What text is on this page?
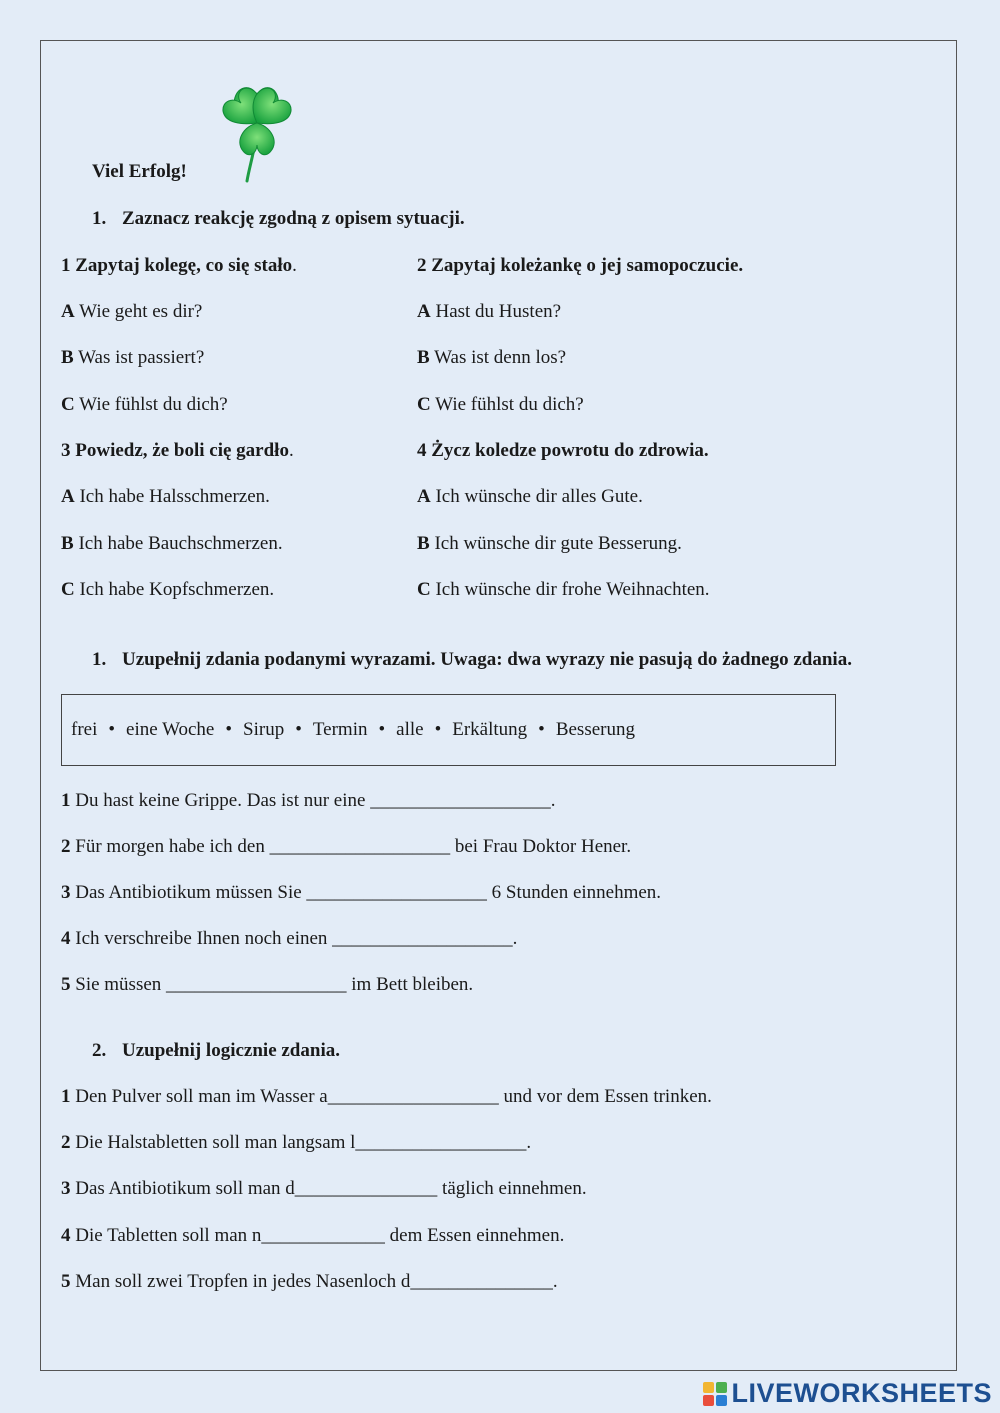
Viel Erfolg!
1. Zaznacz reakcję zgodną z opisem sytuacji.
1 Zapytaj kolegę, co się stało.
A Wie geht es dir?
B Was ist passiert?
C Wie fühlst du dich?
2 Zapytaj koleżankę o jej samopoczucie.
A Hast du Husten?
B Was ist denn los?
C Wie fühlst du dich?
3 Powiedz, że boli cię gardło.
A Ich habe Halsschmerzen.
B Ich habe Bauchschmerzen.
C Ich habe Kopfschmerzen.
4 Życz koledze powrotu do zdrowia.
A Ich wünsche dir alles Gute.
B Ich wünsche dir gute Besserung.
C Ich wünsche dir frohe Weihnachten.
1. Uzupełnij zdania podanymi wyrazami. Uwaga: dwa wyrazy nie pasują do żadnego zdania.
frei • eine Woche • Sirup • Termin • alle • Erkältung • Besserung
1 Du hast keine Grippe. Das ist nur eine ___________________.
2 Für morgen habe ich den ___________________ bei Frau Doktor Hener.
3 Das Antibiotikum müssen Sie ___________________ 6 Stunden einnehmen.
4 Ich verschreibe Ihnen noch einen ___________________.
5 Sie müssen ___________________ im Bett bleiben.
2. Uzupełnij logicznie zdania.
1 Den Pulver soll man im Wasser a__________________ und vor dem Essen trinken.
2 Die Halstabletten soll man langsam l__________________.
3 Das Antibiotikum soll man d_______________ täglich einnehmen.
4 Die Tabletten soll man n_____________ dem Essen einnehmen.
5 Man soll zwei Tropfen in jedes Nasenloch d_______________.
LIVEWORKSHEETS
